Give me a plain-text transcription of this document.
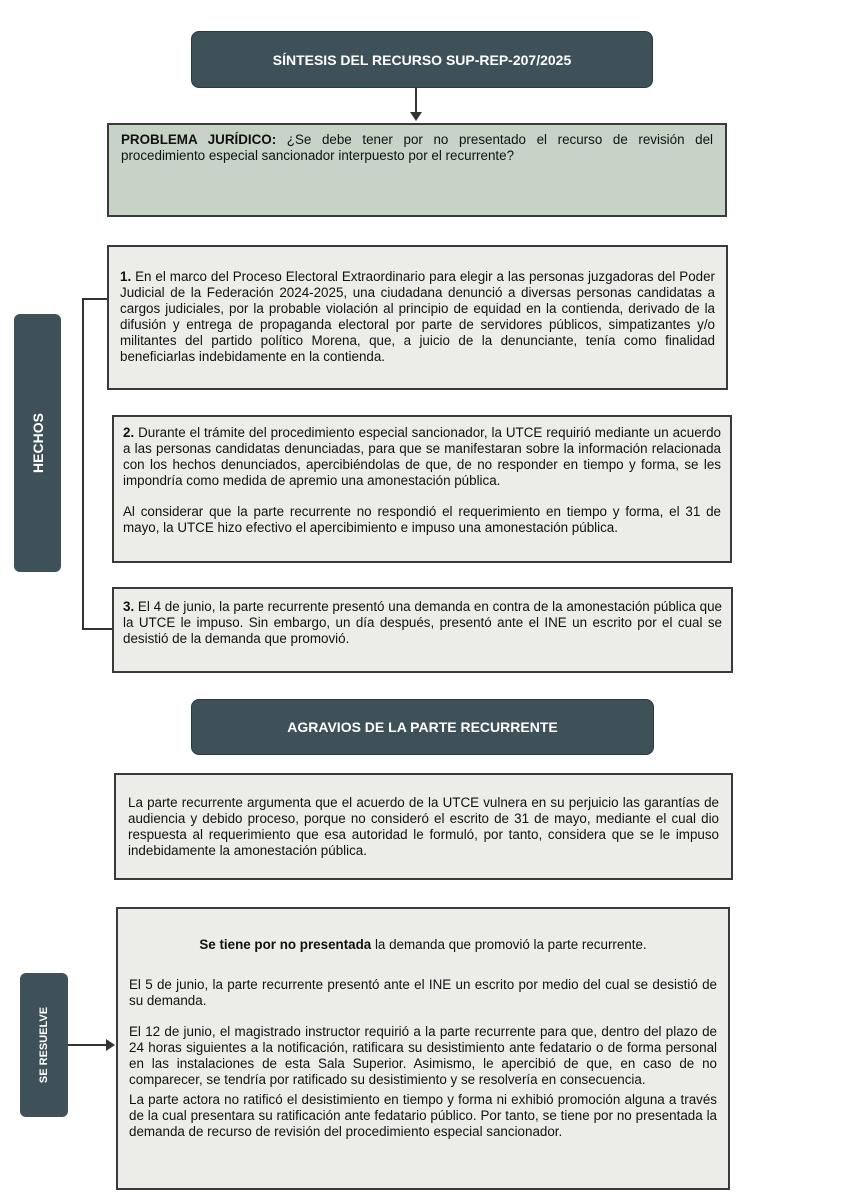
SÍNTESIS DEL RECURSO SUP-REP-207/2025

PROBLEMA JURÍDICO: ¿Se debe tener por no presentado el recurso de revisión del procedimiento especial sancionador interpuesto por el recurrente?

HECHOS

1. En el marco del Proceso Electoral Extraordinario para elegir a las personas juzgadoras del Poder Judicial de la Federación 2024-2025, una ciudadana denunció a diversas personas candidatas a cargos judiciales, por la probable violación al principio de equidad en la contienda, derivado de la difusión y entrega de propaganda electoral por parte de servidores públicos, simpatizantes y/o militantes del partido político Morena, que, a juicio de la denunciante, tenía como finalidad beneficiarlas indebidamente en la contienda.

2. Durante el trámite del procedimiento especial sancionador, la UTCE requirió mediante un acuerdo a las personas candidatas denunciadas, para que se manifestaran sobre la información relacionada con los hechos denunciados, apercibiéndolas de que, de no responder en tiempo y forma, se les impondría como medida de apremio una amonestación pública.

Al considerar que la parte recurrente no respondió el requerimiento en tiempo y forma, el 31 de mayo, la UTCE hizo efectivo el apercibimiento e impuso una amonestación pública.

3. El 4 de junio, la parte recurrente presentó una demanda en contra de la amonestación pública que la UTCE le impuso. Sin embargo, un día después, presentó ante el INE un escrito por el cual se desistió de la demanda que promovió.

AGRAVIOS DE LA PARTE RECURRENTE

La parte recurrente argumenta que el acuerdo de la UTCE vulnera en su perjuicio las garantías de audiencia y debido proceso, porque no consideró el escrito de 31 de mayo, mediante el cual dio respuesta al requerimiento que esa autoridad le formuló, por tanto, considera que se le impuso indebidamente la amonestación pública.

SE RESUELVE

Se tiene por no presentada la demanda que promovió la parte recurrente.

El 5 de junio, la parte recurrente presentó ante el INE un escrito por medio del cual se desistió de su demanda.

El 12 de junio, el magistrado instructor requirió a la parte recurrente para que, dentro del plazo de 24 horas siguientes a la notificación, ratificara su desistimiento ante fedatario o de forma personal en las instalaciones de esta Sala Superior. Asimismo, le apercibió de que, en caso de no comparecer, se tendría por ratificado su desistimiento y se resolvería en consecuencia.

La parte actora no ratificó el desistimiento en tiempo y forma ni exhibió promoción alguna a través de la cual presentara su ratificación ante fedatario público. Por tanto, se tiene por no presentada la demanda de recurso de revisión del procedimiento especial sancionador.
